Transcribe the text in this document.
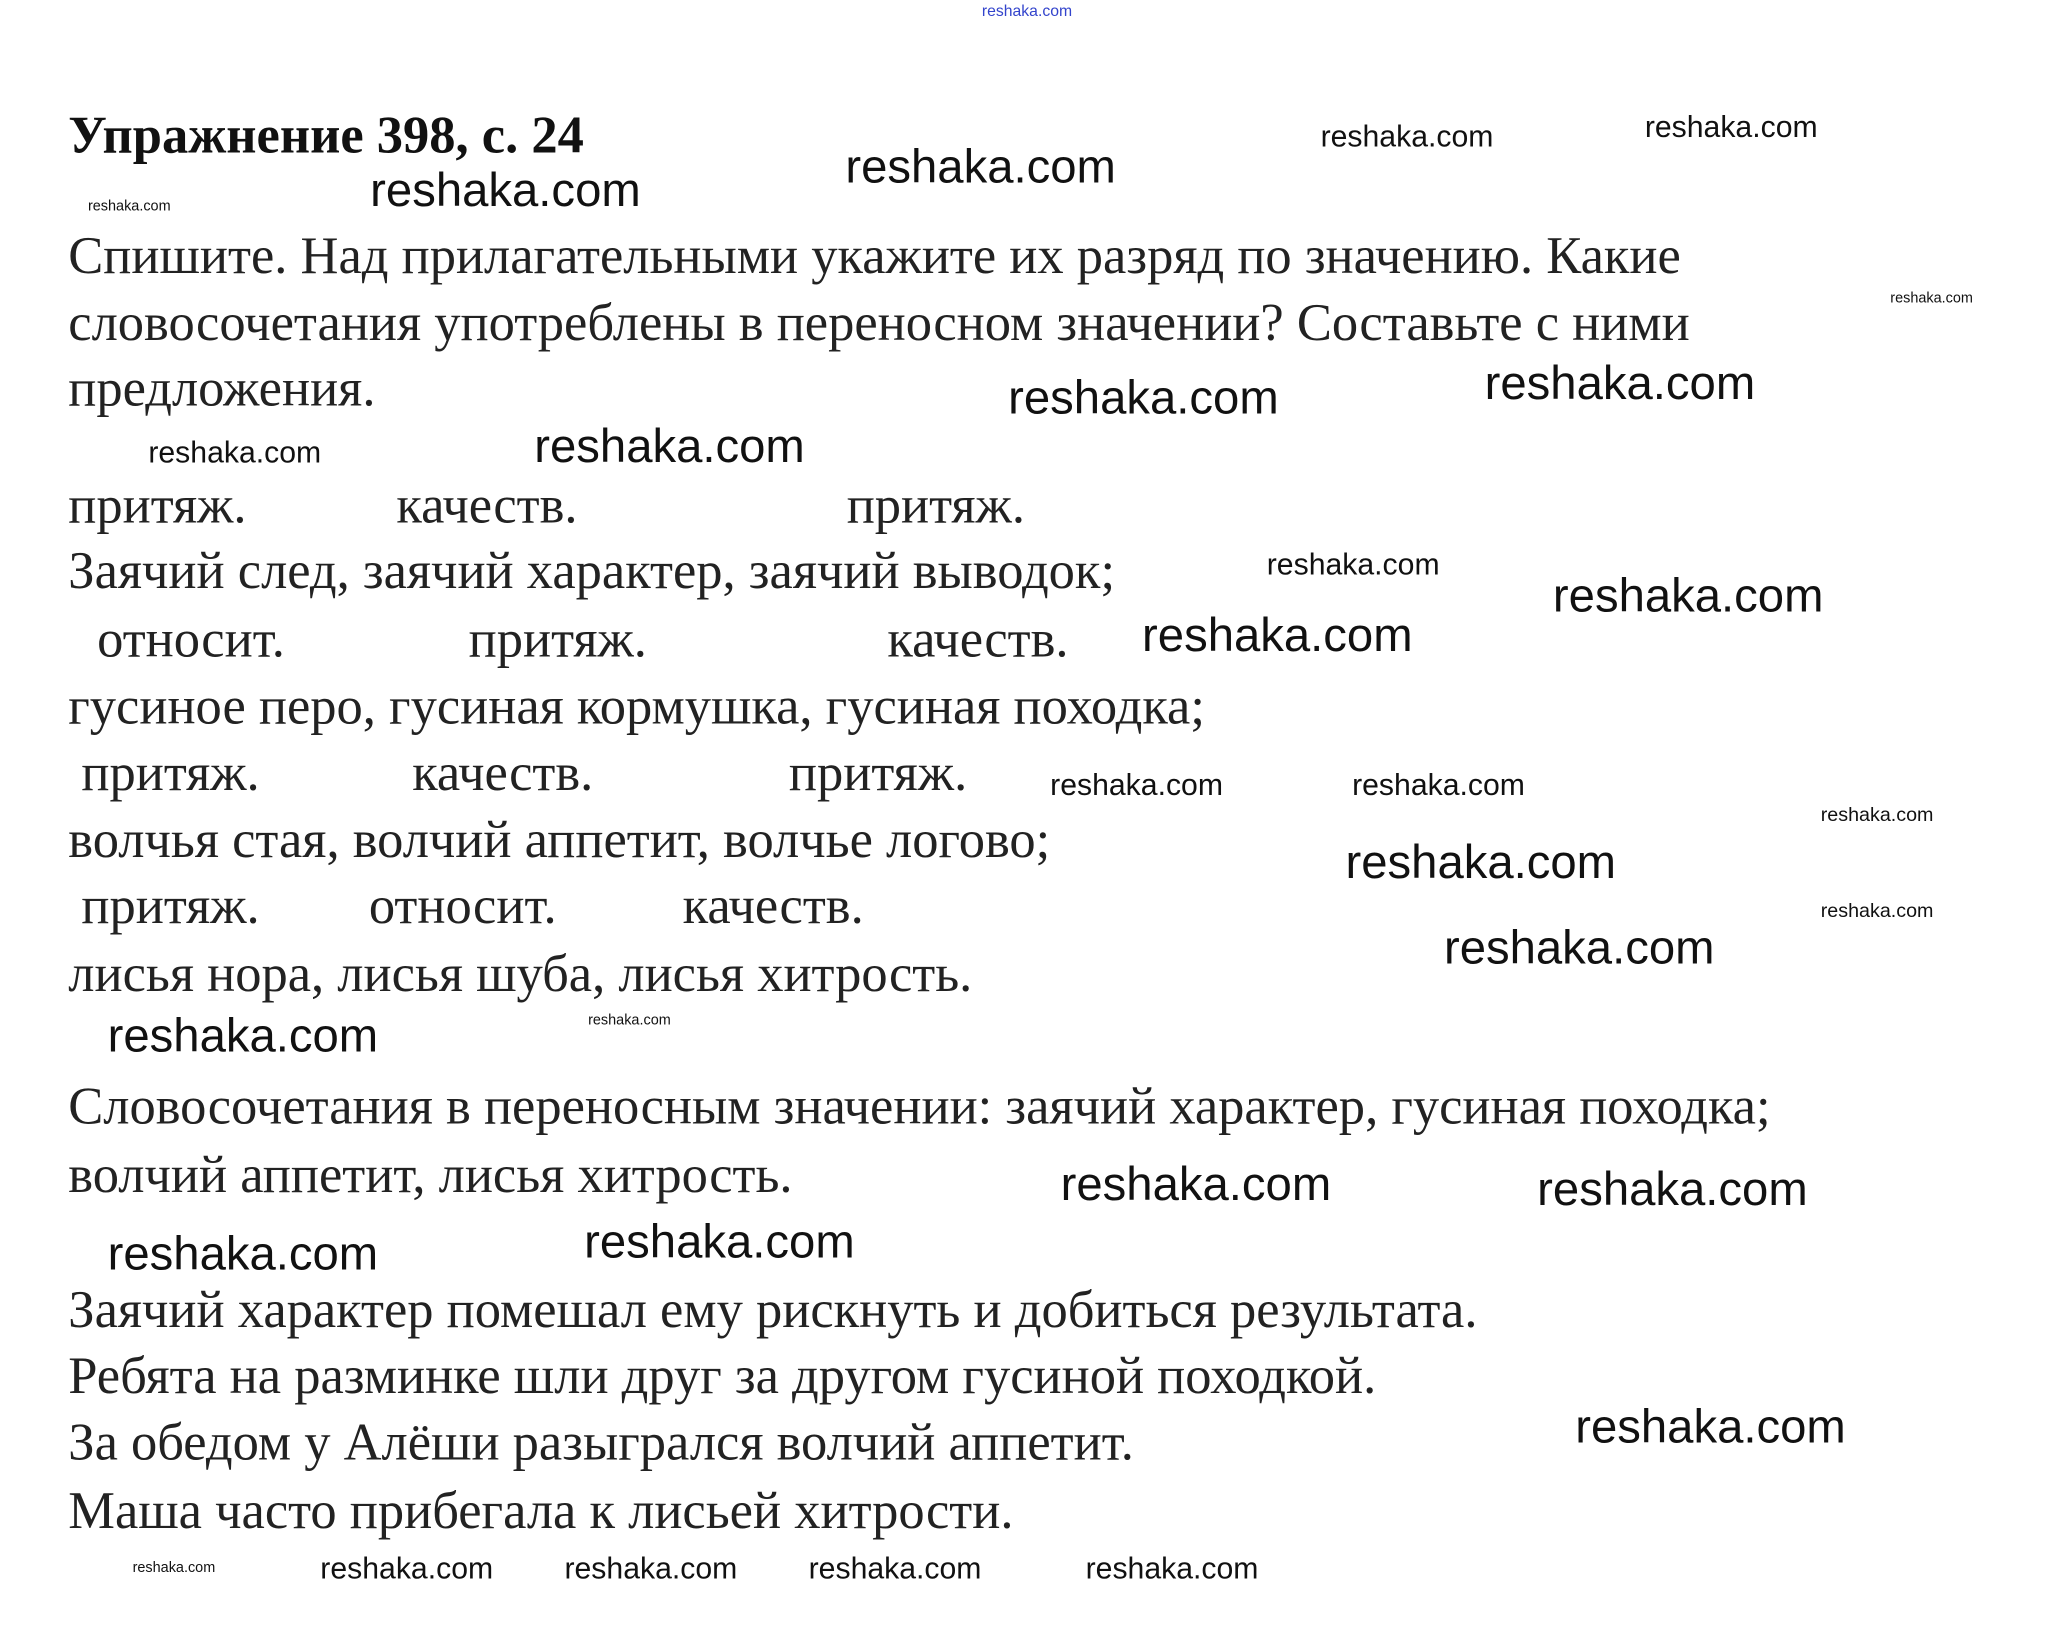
Упражнение 398, с. 24
Спишите. Над прилагательными укажите их разряд по значению. Какие
словосочетания употреблены в переносном значении? Составьте с ними
предложения.
притяж.	качеств.	притяж.
Заячий след, заячий характер, заячий выводок;
относит.	притяж.	качеств.
гусиное перо, гусиная кормушка, гусиная походка;
притяж.	качеств.	притяж.
волчья стая, волчий аппетит, волчье логово;
притяж.	относит.	качеств.
лисья нора, лисья шуба, лисья хитрость.
Словосочетания в переносным значении: заячий характер, гусиная походка;
волчий аппетит, лисья хитрость.
Заячий характер помешал ему рискнуть и добиться результата.
Ребята на разминке шли друг за другом гусиной походкой.
За обедом у Алёши разыгрался волчий аппетит.
Маша часто прибегала к лисьей хитрости.
reshaka.com
reshaka.com
reshaka.com
reshaka.com
reshaka.com
reshaka.com
reshaka.com
reshaka.com
reshaka.com
reshaka.com
reshaka.com
reshaka.com	reshaka.com
reshaka.com
reshaka.com
reshaka.com
reshaka.com	reshaka.com
reshaka.com
reshaka.com
reshaka.com	reshaka.com
reshaka.com
reshaka.com	reshaka.com	reshaka.com
reshaka.com
reshaka.com
reshaka.com
reshaka.com
reshaka.com
reshaka.com
